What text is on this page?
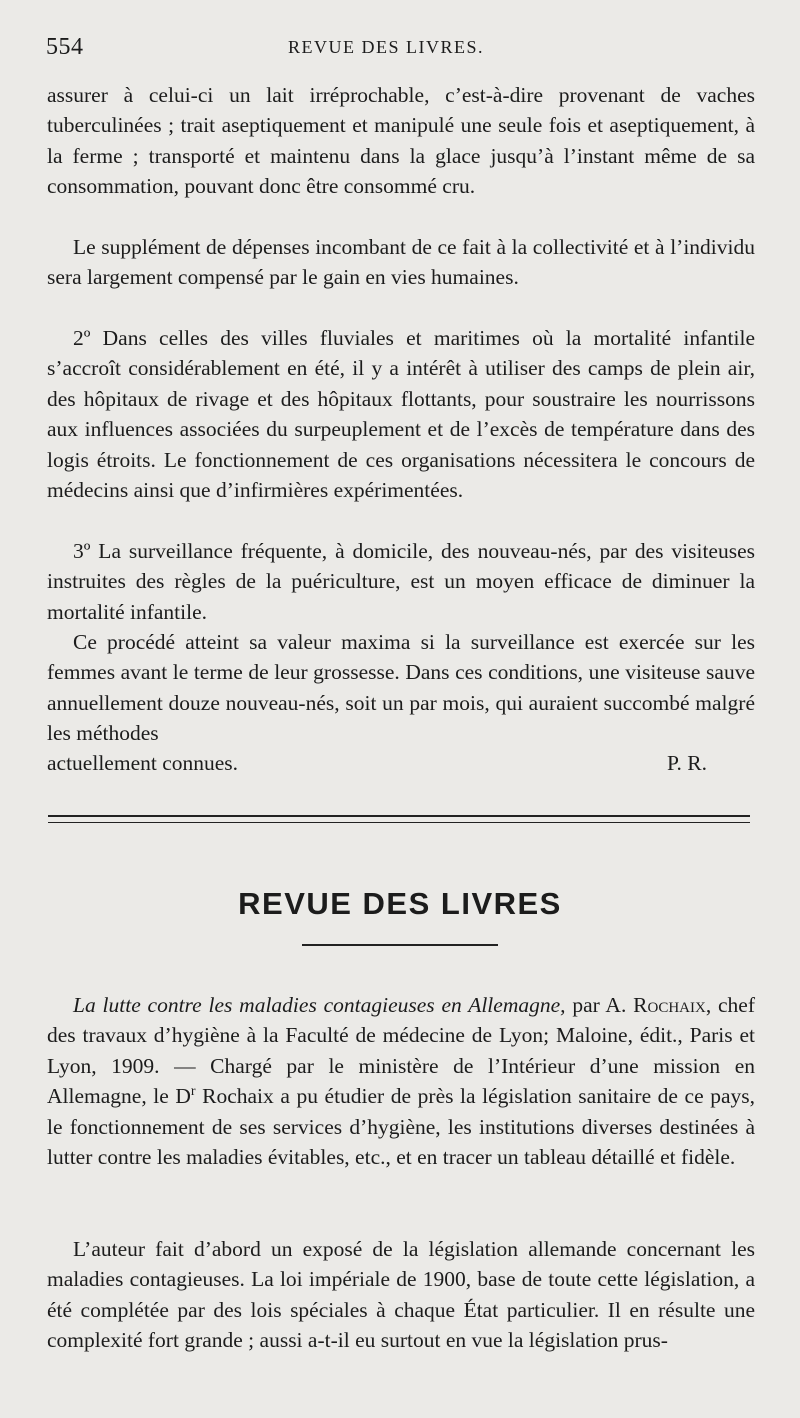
554	REVUE DES LIVRES.

assurer à celui-ci un lait irréprochable, c’est-à-dire provenant de vaches tuberculinées ; trait aseptiquement et manipulé une seule fois et aseptiquement, à la ferme ; transporté et maintenu dans la glace jusqu’à l’instant même de sa consommation, pouvant donc être consommé cru.

Le supplément de dépenses incombant de ce fait à la collectivité et à l’individu sera largement compensé par le gain en vies humaines.

2º Dans celles des villes fluviales et maritimes où la mortalité infantile s’accroît considérablement en été, il y a intérêt à utiliser des camps de plein air, des hôpitaux de rivage et des hôpitaux flottants, pour soustraire les nourrissons aux influences associées du surpeuplement et de l’excès de température dans des logis étroits. Le fonctionnement de ces organisations nécessitera le concours de médecins ainsi que d’infirmières expérimentées.

3º La surveillance fréquente, à domicile, des nouveau-nés, par des visiteuses instruites des règles de la puériculture, est un moyen efficace de diminuer la mortalité infantile.

Ce procédé atteint sa valeur maxima si la surveillance est exercée sur les femmes avant le terme de leur grossesse. Dans ces conditions, une visiteuse sauve annuellement douze nouveau-nés, soit un par mois, qui auraient succombé malgré les méthodes

actuellement connues.	P. R.
REVUE DES LIVRES

La lutte contre les maladies contagieuses en Allemagne, par A. Rochaix, chef des travaux d’hygiène à la Faculté de médecine de Lyon; Maloine, édit., Paris et Lyon, 1909. — Chargé par le ministère de l’Intérieur d’une mission en Allemagne, le $D^r$ Rochaix a pu étudier de près la législation sanitaire de ce pays, le fonctionnement de ses services d’hygiène, les institutions diverses destinées à lutter contre les maladies évitables, etc., et en tracer un tableau détaillé et fidèle.

L’auteur fait d’abord un exposé de la législation allemande concernant les maladies contagieuses. La loi impériale de 1900, base de toute cette législation, a été complétée par des lois spéciales à chaque État particulier. Il en résulte une complexité fort grande ; aussi a-t-il eu surtout en vue la législation prus-
